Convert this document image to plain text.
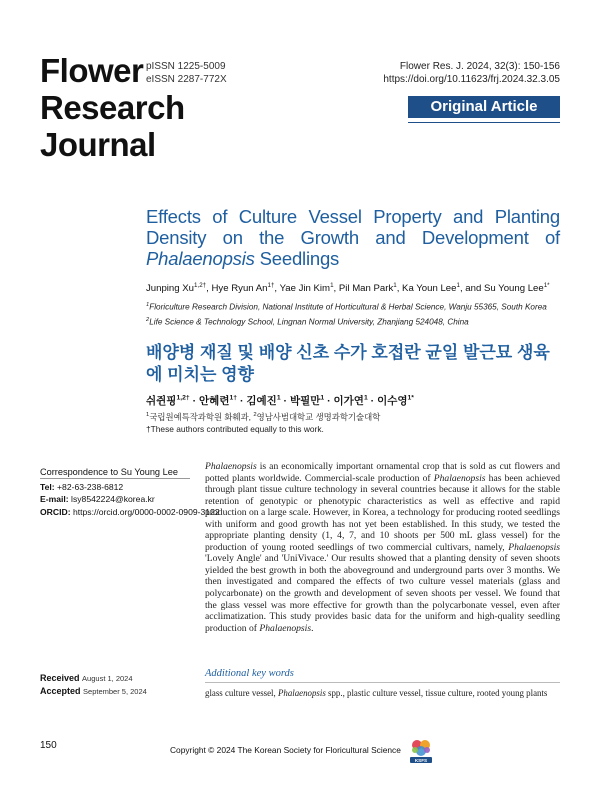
Flower
Research
Journal
pISSN 1225-5009
eISSN 2287-772X
Flower Res. J. 2024, 32(3): 150-156
https://doi.org/10.11623/frj.2024.32.3.05
Original Article
Effects of Culture Vessel Property and Planting Density on the Growth and Development of Phalaenopsis Seedlings
Junping $Xu^{1,2\dagger}$, Hye Ryun $An^{1\dagger}$, Yae Jin Kim$^1$, Pil Man Park$^1$, Ka Youn Lee$^1$, and Su Young Lee$^{1*}$
$^1$Floriculture Research Division, National Institute of Horticultural & Herbal Science, Wanju 55365, South Korea
$^2$Life Science & Technology School, Lingnan Normal University, Zhanjiang 524048, China
배양병 재질 및 배양 신초 수가 호접란 균일 발근묘 생육에 미치는 영향
쉬쥔핑$^{1,2\dagger}$ · 안혜련$^{1\dagger}$ · 김예진$^1$ · 박필만$^1$ · 이가연$^1$ · 이수영$^{1*}$
$^1$국립원예특작과학원 화훼과, $^2$영남사범대학교 생명과학기술대학
†These authors contributed equally to this work.
Correspondence to Su Young Lee
Tel: +82-63-238-6812
E-mail: lsy8542224@korea.kr
ORCID: https://orcid.org/0000-0002-0909-3122
Phalaenopsis is an economically important ornamental crop that is sold as cut flowers and potted plants worldwide. Commercial-scale production of Phalaenopsis has been achieved through plant tissue culture technology in several countries because it allows for the stable retention of genotypic or phenotypic characteristics as well as effective and rapid production on a large scale. However, in Korea, a technology for producing rooted seedlings with uniform and good growth has not yet been established. In this study, we tested the appropriate planting density (1, 4, 7, and 10 shoots per 500 mL glass vessel) for the production of young rooted seedlings of two commercial cultivars, namely, Phalaenopsis 'Lovely Angle' and 'UniVivace.' Our results showed that a planting density of seven shoots yielded the best growth in both the aboveground and underground parts over 3 months. We then investigated and compared the effects of two culture vessel materials (glass and polycarbonate) on the growth and development of seven shoots per vessel. We found that the glass vessel was more effective for growth than the polycarbonate vessel, even after acclimatization. This study provides basic data for the uniform and high-quality seedling production of Phalaenopsis.
Additional key words
glass culture vessel, Phalaenopsis spp., plastic culture vessel, tissue culture, rooted young plants
Received August 1, 2024
Accepted September 5, 2024
150	Copyright © 2024 The Korean Society for Floricultural Science
KSFS
